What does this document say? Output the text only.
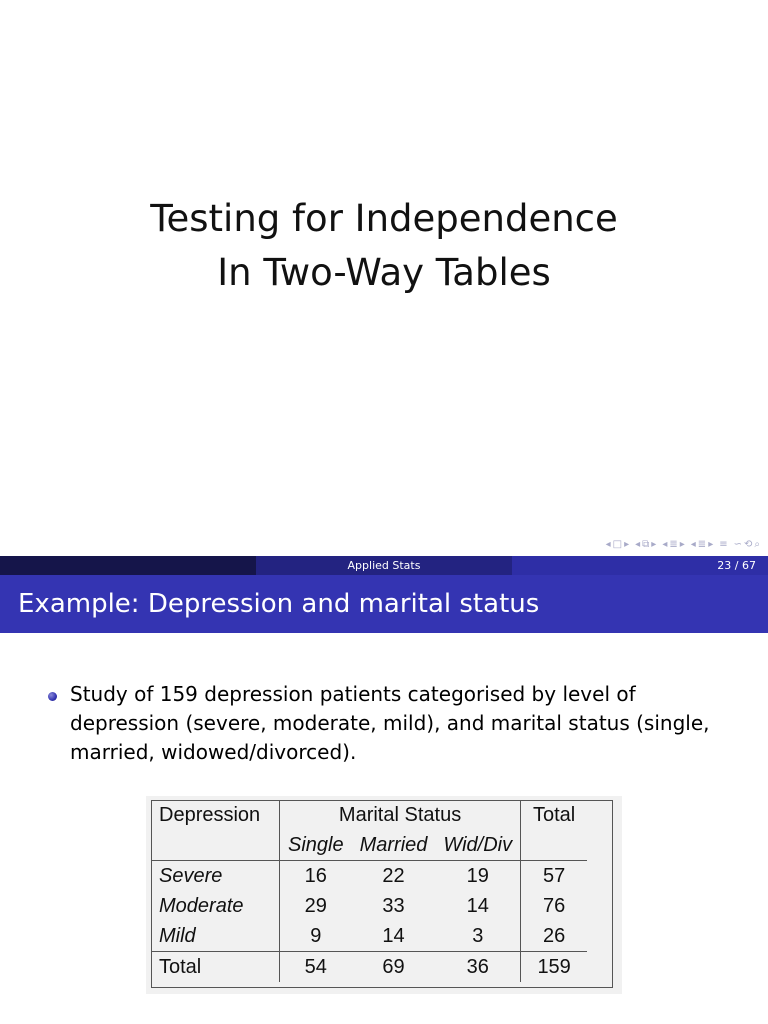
Testing for Independence
In Two-Way Tables
◂ □ ▸ ◂ ⧉ ▸ ◂ ≣ ▸ ◂ ≣ ▸ ≡ ∽ ⟲ ⌕
Applied Stats	23 / 67
Example: Depression and marital status
Study of 159 depression patients categorised by level of depression (severe, moderate, mild), and marital status (single, married, widowed/divorced).
Depression	Marital Status			Total
	Single	Married	Wid/Div	
Severe	16	22	19	57
Moderate	29	33	14	76
Mild	9	14	3	26
Total	54	69	36	159
